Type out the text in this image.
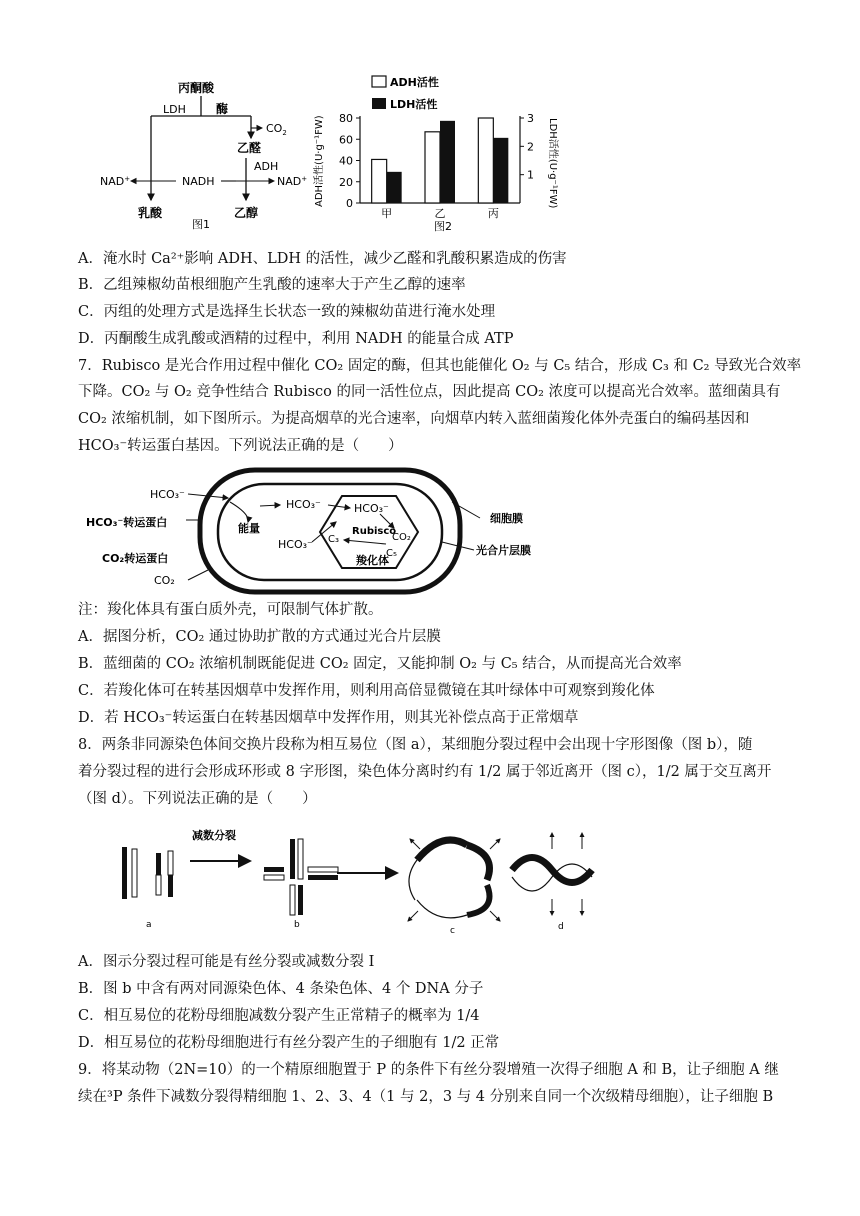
丙酮酸
LDH	酶
$CO_2$
乙醛
ADH
NAD+
NADH
NAD+
乳酸	乙醇
图1
ADH活性
LDH活性
ADH活性(U·g⁻¹FW)	LDH活性(U·g⁻¹FW)
0
20
40
60
80
1
2
3
甲	乙	丙
图2
A．淹水时 Ca²⁺影响 ADH、LDH 的活性，减少乙醛和乳酸积累造成的伤害
B．乙组辣椒幼苗根细胞产生乳酸的速率大于产生乙醇的速率
C．丙组的处理方式是选择生长状态一致的辣椒幼苗进行淹水处理
D．丙酮酸生成乳酸或酒精的过程中，利用 NADH 的能量合成 ATP
7．Rubisco 是光合作用过程中催化 CO₂ 固定的酶，但其也能催化 O₂ 与 C₅ 结合，形成 C₃ 和 C₂ 导致光合效率
下降。CO₂ 与 O₂ 竞争性结合 Rubisco 的同一活性位点，因此提高 CO₂ 浓度可以提高光合效率。蓝细菌具有
CO₂ 浓缩机制，如下图所示。为提高烟草的光合速率，向烟草内转入蓝细菌羧化体外壳蛋白的编码基因和
HCO₃⁻转运蛋白基因。下列说法正确的是（　　）
HCO₃⁻
HCO₃⁻转运蛋白	能量
CO₂转运蛋白
CO₂
HCO₃⁻
HCO₃⁻
HCO₃⁻
Rubisco
C₃	CO₂
C₅
羧化体
细胞膜
光合片层膜
注：羧化体具有蛋白质外壳，可限制气体扩散。
A．据图分析，CO₂ 通过协助扩散的方式通过光合片层膜
B．蓝细菌的 CO₂ 浓缩机制既能促进 CO₂ 固定，又能抑制 O₂ 与 C₅ 结合，从而提高光合效率
C．若羧化体可在转基因烟草中发挥作用，则利用高倍显微镜在其叶绿体中可观察到羧化体
D．若 HCO₃⁻转运蛋白在转基因烟草中发挥作用，则其光补偿点高于正常烟草
8．两条非同源染色体间交换片段称为相互易位（图 a），某细胞分裂过程中会出现十字形图像（图 b），随
着分裂过程的进行会形成环形或 8 字形图，染色体分离时约有 1/2 属于邻近离开（图 c），1/2 属于交互离开
（图 d）。下列说法正确的是（　　）
a
减数分裂
b
c	d
A．图示分裂过程可能是有丝分裂或减数分裂 I
B．图 b 中含有两对同源染色体、4 条染色体、4 个 DNA 分子
C．相互易位的花粉母细胞减数分裂产生正常精子的概率为 1/4
D．相互易位的花粉母细胞进行有丝分裂产生的子细胞有 1/2 正常
9．将某动物（2N=10）的一个精原细胞置于 P 的条件下有丝分裂增殖一次得子细胞 A 和 B，让子细胞 A 继
续在³P 条件下减数分裂得精细胞 1、2、3、4（1 与 2，3 与 4 分别来自同一个次级精母细胞），让子细胞 B
